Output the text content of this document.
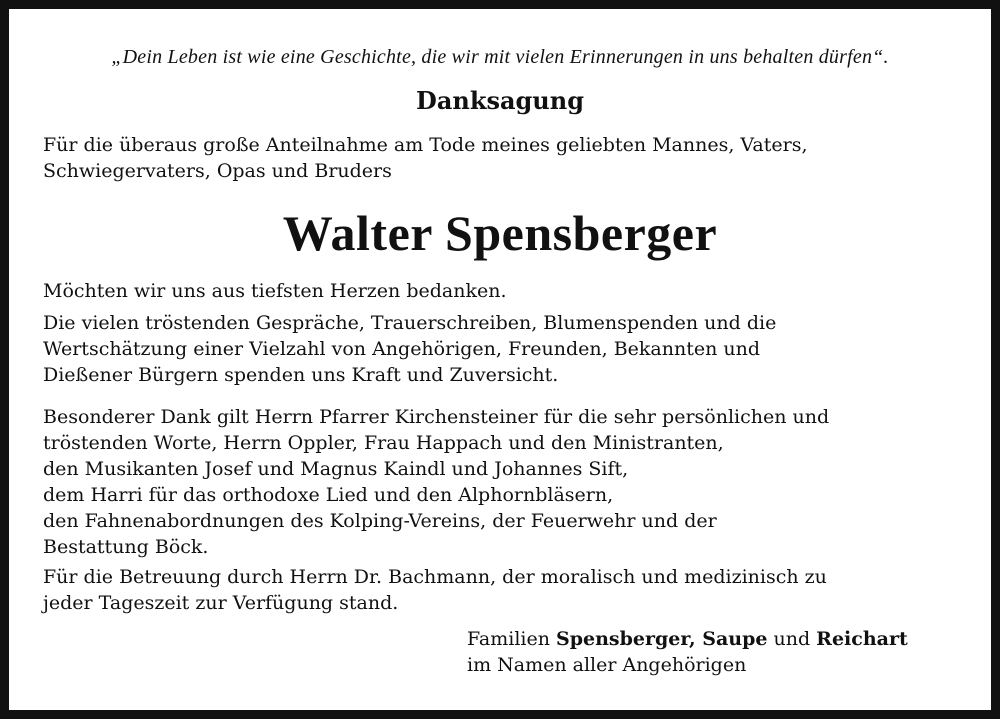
„Dein Leben ist wie eine Geschichte, die wir mit vielen Erinnerungen in uns behalten dürfen“.
Danksagung
Für die überaus große Anteilnahme am Tode meines geliebten Mannes, Vaters,
Schwiegervaters, Opas und Bruders
Walter Spensberger
Möchten wir uns aus tiefsten Herzen bedanken.
Die vielen tröstenden Gespräche, Trauerschreiben, Blumenspenden und die
Wertschätzung einer Vielzahl von Angehörigen, Freunden, Bekannten und
Dießener Bürgern spenden uns Kraft und Zuversicht.
Besonderer Dank gilt Herrn Pfarrer Kirchensteiner für die sehr persönlichen und
tröstenden Worte, Herrn Oppler, Frau Happach und den Ministranten,
den Musikanten Josef und Magnus Kaindl und Johannes Sift,
dem Harri für das orthodoxe Lied und den Alphornbläsern,
den Fahnenabordnungen des Kolping-Vereins, der Feuerwehr und der
Bestattung Böck.
Für die Betreuung durch Herrn Dr. Bachmann, der moralisch und medizinisch zu
jeder Tageszeit zur Verfügung stand.
Familien Spensberger, Saupe und Reichart
im Namen aller Angehörigen
